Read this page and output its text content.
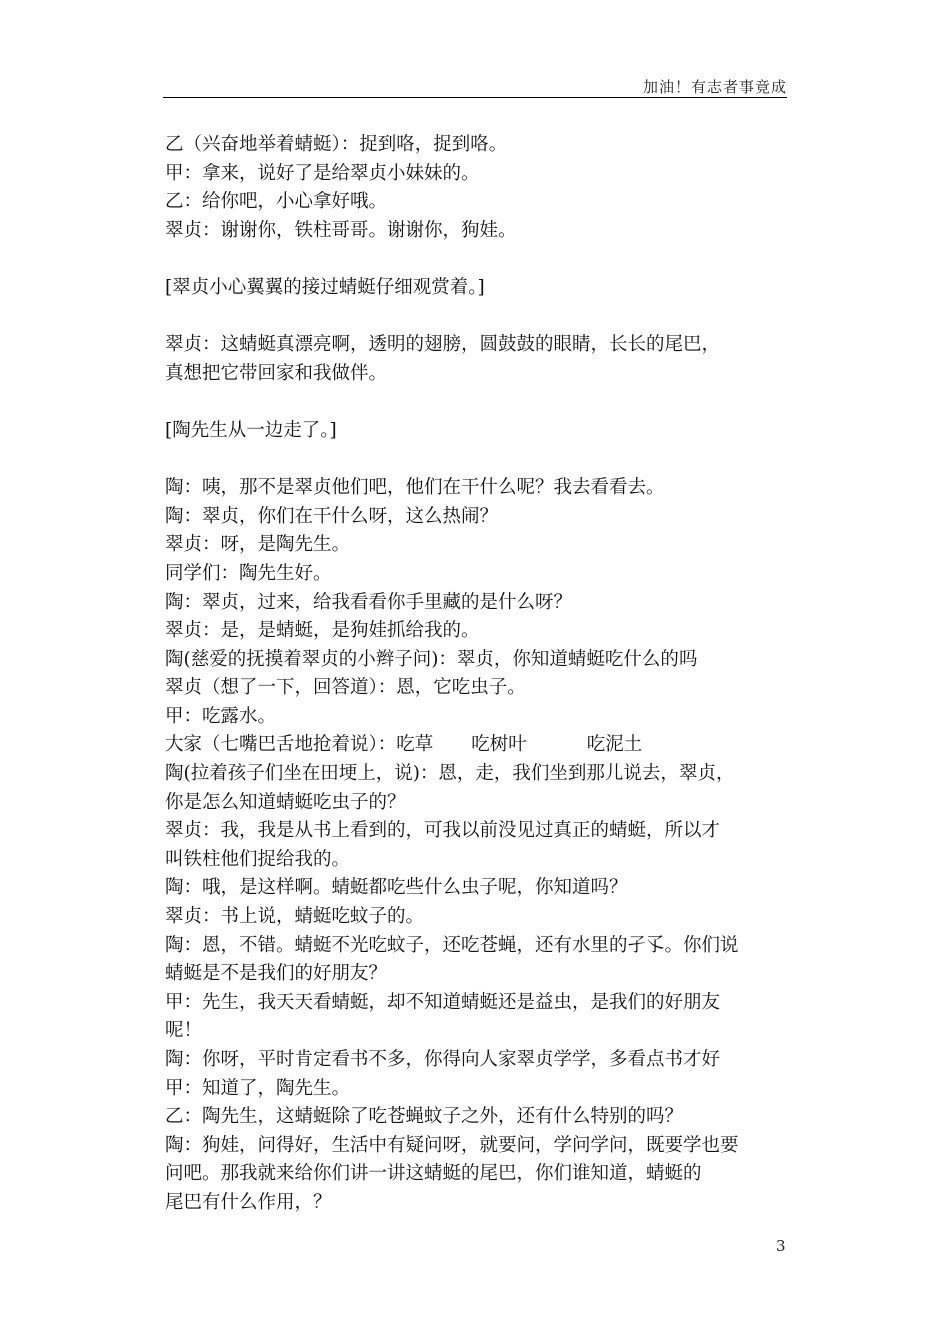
加油！有志者事竟成
乙（兴奋地举着蜻蜓）：捉到咯，捉到咯。
甲：拿来，说好了是给翠贞小妹妹的。
乙：给你吧，小心拿好哦。
翠贞：谢谢你，铁柱哥哥。谢谢你，狗娃。
[翠贞小心翼翼的接过蜻蜓仔细观赏着。]
翠贞：这蜻蜓真漂亮啊，透明的翅膀，圆鼓鼓的眼睛，长长的尾巴，
真想把它带回家和我做伴。
[陶先生从一边走了。]
陶：咦，那不是翠贞他们吧，他们在干什么呢？我去看看去。
陶：翠贞，你们在干什么呀，这么热闹？
翠贞：呀，是陶先生。
同学们：陶先生好。
陶：翠贞，过来，给我看看你手里藏的是什么呀？
翠贞：是，是蜻蜓，是狗娃抓给我的。
陶(慈爱的抚摸着翠贞的小辫子问)：翠贞，你知道蜻蜓吃什么的吗
翠贞（想了一下，回答道）：恩，它吃虫子。
甲：吃露水。
大家（七嘴巴舌地抢着说）：吃草 吃树叶	吃泥土
陶(拉着孩子们坐在田埂上，说)：恩，走，我们坐到那儿说去，翠贞，
你是怎么知道蜻蜓吃虫子的？
翠贞：我，我是从书上看到的，可我以前没见过真正的蜻蜓，所以才
叫铁柱他们捉给我的。
陶：哦，是这样啊。蜻蜓都吃些什么虫子呢，你知道吗？
翠贞：书上说，蜻蜓吃蚊子的。
陶：恩，不错。蜻蜓不光吃蚊子，还吃苍蝇，还有水里的孑孓。你们说
蜻蜓是不是我们的好朋友？
甲：先生，我天天看蜻蜓，却不知道蜻蜓还是益虫，是我们的好朋友
呢！
陶：你呀，平时肯定看书不多，你得向人家翠贞学学，多看点书才好
甲：知道了，陶先生。
乙：陶先生，这蜻蜓除了吃苍蝇蚊子之外，还有什么特别的吗？
陶：狗娃，问得好，生活中有疑问呀，就要问，学问学问，既要学也要
问吧。那我就来给你们讲一讲这蜻蜓的尾巴，你们谁知道，蜻蜓的
尾巴有什么作用，？
3
